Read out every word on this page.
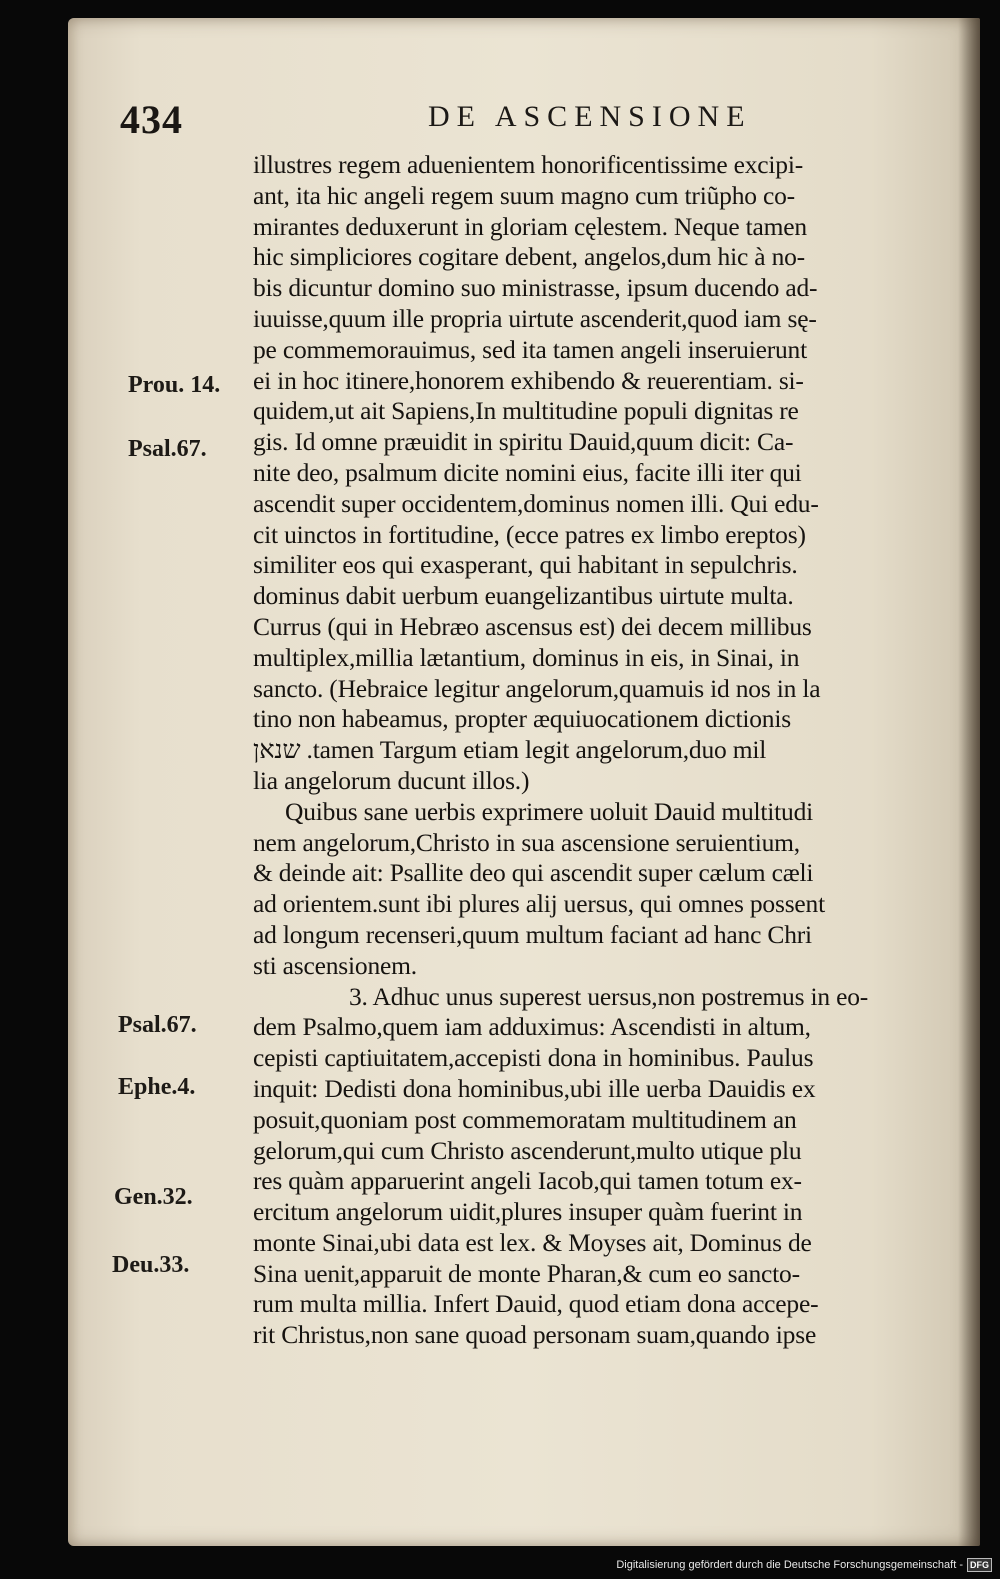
434	DE ASCENSIONE
illustres regem aduenientem honorificentissime excipi-
ant, ita hic angeli regem suum magno cum triũpho co-
mirantes deduxerunt in gloriam cęlestem. Neque tamen
hic simpliciores cogitare debent, angelos,dum hic à no-
bis dicuntur domino suo ministrasse, ipsum ducendo ad-
iuuisse,quum ille propria uirtute ascenderit,quod iam sę-
pe commemorauimus, sed ita tamen angeli inseruierunt
ei in hoc itinere,honorem exhibendo & reuerentiam. si-
quidem,ut ait Sapiens,In multitudine populi dignitas re
gis. Id omne præuidit in spiritu Dauid,quum dicit: Ca-
nite deo, psalmum dicite nomini eius, facite illi iter qui
ascendit super occidentem,dominus nomen illi. Qui edu-
cit uinctos in fortitudine, (ecce patres ex limbo ereptos)
similiter eos qui exasperant, qui habitant in sepulchris.
dominus dabit uerbum euangelizantibus uirtute multa.
Currus (qui in Hebræo ascensus est) dei decem millibus
multiplex,millia lætantium, dominus in eis, in Sinai, in
sancto. (Hebraice legitur angelorum,quamuis id nos in la
tino non habeamus, propter æquiuocationem dictionis
שנאן .tamen Targum etiam legit angelorum,duo mil
lia angelorum ducunt illos.)
Quibus sane uerbis exprimere uoluit Dauid multitudi
nem angelorum,Christo in sua ascensione seruientium,
& deinde ait: Psallite deo qui ascendit super cælum cæli
ad orientem.sunt ibi plures alij uersus, qui omnes possent
ad longum recenseri,quum multum faciant ad hanc Chri
sti ascensionem.
3. Adhuc unus superest uersus,non postremus in eo-
dem Psalmo,quem iam adduximus: Ascendisti in altum,
cepisti captiuitatem,accepisti dona in hominibus. Paulus
inquit: Dedisti dona hominibus,ubi ille uerba Dauidis ex
posuit,quoniam post commemoratam multitudinem an
gelorum,qui cum Christo ascenderunt,multo utique plu
res quàm apparuerint angeli Iacob,qui tamen totum ex-
ercitum angelorum uidit,plures insuper quàm fuerint in
monte Sinai,ubi data est lex. & Moyses ait, Dominus de
Sina uenit,apparuit de monte Pharan,& cum eo sancto-
rum multa millia. Infert Dauid, quod etiam dona accepe-
rit Christus,non sane quoad personam suam,quando ipse
Prou. 14.
Psal.67.
Psal.67.
Ephe.4.
Gen.32.
Deu.33.
Digitalisierung gefördert durch die Deutsche Forschungsgemeinschaft - DFG
